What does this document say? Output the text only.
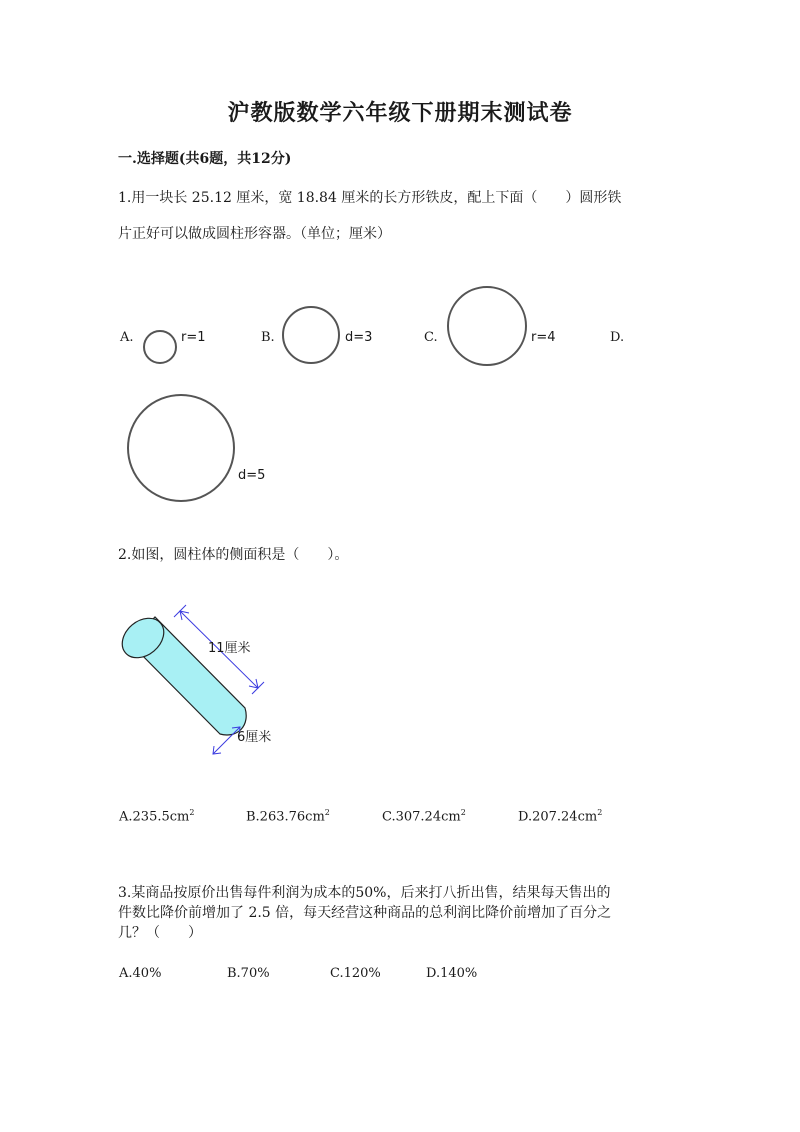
沪教版数学六年级下册期末测试卷
一.选择题(共6题，共12分)
1.用一块长 25.12 厘米，宽 18.84 厘米的长方形铁皮，配上下面（　　）圆形铁
片正好可以做成圆柱形容器。（单位；厘米）
A.	r=1	B.	d=3	C.	r=4	D.
d=5
2.如图，圆柱体的侧面积是（　　）。
11厘米
6厘米
$A.235.5cm^2$	$B.263.76cm^2$	$C.307.24cm^2$	$D.207.24cm^2$
3.某商品按原价出售每件利润为成本的50%，后来打八折出售，结果每天售出的件数比降价前增加了 2.5 倍，每天经营这种商品的总利润比降价前增加了百分之几？（　　）
A.40%	B.70%	C.120%	D.140%
